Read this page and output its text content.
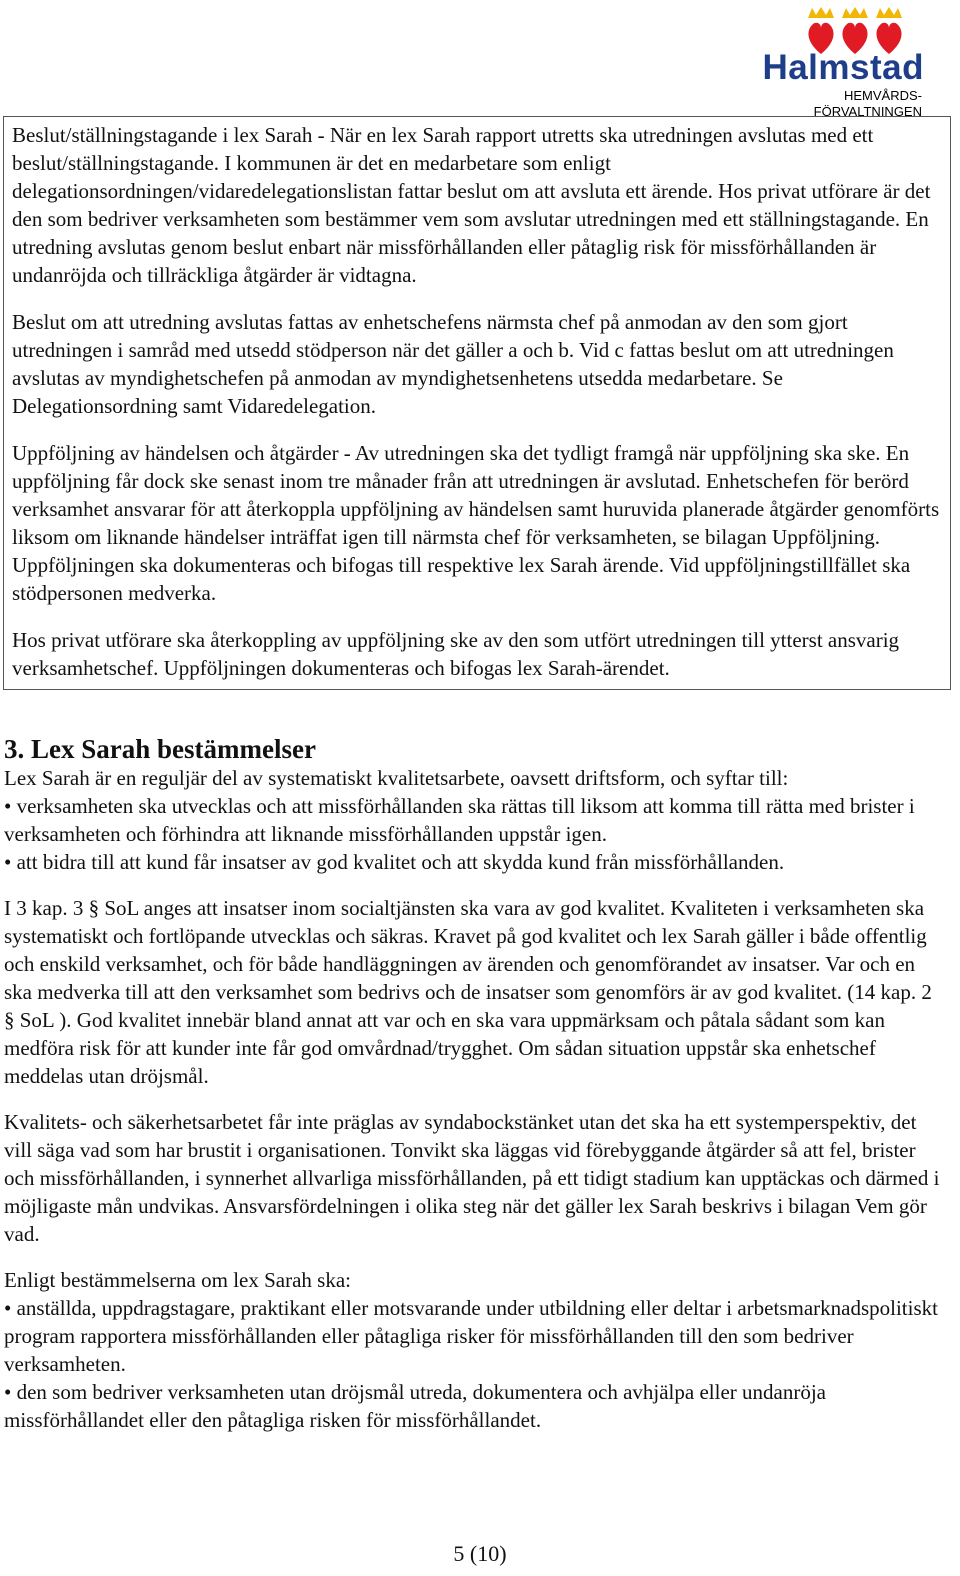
Halmstad
HEMVÅRDS-
FÖRVALTNINGEN

Beslut/ställningstagande i lex Sarah - När en lex Sarah rapport utretts ska utredningen avslutas med ett beslut/ställningstagande. I kommunen är det en medarbetare som enligt delegationsordningen/vidaredelegationslistan fattar beslut om att avsluta ett ärende. Hos privat utförare är det den som bedriver verksamheten som bestämmer vem som avslutar utredningen med ett ställningstagande. En utredning avslutas genom beslut enbart när missförhållanden eller påtaglig risk för missförhållanden är undanröjda och tillräckliga åtgärder är vidtagna.

Beslut om att utredning avslutas fattas av enhetschefens närmsta chef på anmodan av den som gjort utredningen i samråd med utsedd stödperson när det gäller a och b. Vid c fattas beslut om att utredningen avslutas av myndighetschefen på anmodan av myndighetsenhetens utsedda medarbetare. Se Delegationsordning samt Vidaredelegation.

Uppföljning av händelsen och åtgärder - Av utredningen ska det tydligt framgå när uppföljning ska ske. En uppföljning får dock ske senast inom tre månader från att utredningen är avslutad. Enhetschefen för berörd verksamhet ansvarar för att återkoppla uppföljning av händelsen samt huruvida planerade åtgärder genomförts liksom om liknande händelser inträffat igen till närmsta chef för verksamheten, se bilagan Uppföljning. Uppföljningen ska dokumenteras och bifogas till respektive lex Sarah ärende. Vid uppföljningstillfället ska stödpersonen medverka.

Hos privat utförare ska återkoppling av uppföljning ske av den som utfört utredningen till ytterst ansvarig verksamhetschef. Uppföljningen dokumenteras och bifogas lex Sarah-ärendet.

3. Lex Sarah bestämmelser

Lex Sarah är en reguljär del av systematiskt kvalitetsarbete, oavsett driftsform, och syftar till:
• verksamheten ska utvecklas och att missförhållanden ska rättas till liksom att komma till rätta med brister i verksamheten och förhindra att liknande missförhållanden uppstår igen.
• att bidra till att kund får insatser av god kvalitet och att skydda kund från missförhållanden.

I 3 kap. 3 § SoL anges att insatser inom socialtjänsten ska vara av god kvalitet. Kvaliteten i verksamheten ska systematiskt och fortlöpande utvecklas och säkras. Kravet på god kvalitet och lex Sarah gäller i både offentlig och enskild verksamhet, och för både handläggningen av ärenden och genomförandet av insatser. Var och en ska medverka till att den verksamhet som bedrivs och de insatser som genomförs är av god kvalitet. (14 kap. 2 § SoL ). God kvalitet innebär bland annat att var och en ska vara uppmärksam och påtala sådant som kan medföra risk för att kunder inte får god omvårdnad/trygghet. Om sådan situation uppstår ska enhetschef meddelas utan dröjsmål.

Kvalitets- och säkerhetsarbetet får inte präglas av syndabockstänket utan det ska ha ett systemperspektiv, det vill säga vad som har brustit i organisationen. Tonvikt ska läggas vid förebyggande åtgärder så att fel, brister och missförhållanden, i synnerhet allvarliga missförhållanden, på ett tidigt stadium kan upptäckas och därmed i möjligaste mån undvikas. Ansvarsfördelningen i olika steg när det gäller lex Sarah beskrivs i bilagan Vem gör vad.

Enligt bestämmelserna om lex Sarah ska:
• anställda, uppdragstagare, praktikant eller motsvarande under utbildning eller deltar i arbetsmarknadspolitiskt program rapportera missförhållanden eller påtagliga risker för missförhållanden till den som bedriver verksamheten.
• den som bedriver verksamheten utan dröjsmål utreda, dokumentera och avhjälpa eller undanröja missförhållandet eller den påtagliga risken för missförhållandet.

5 (10)
